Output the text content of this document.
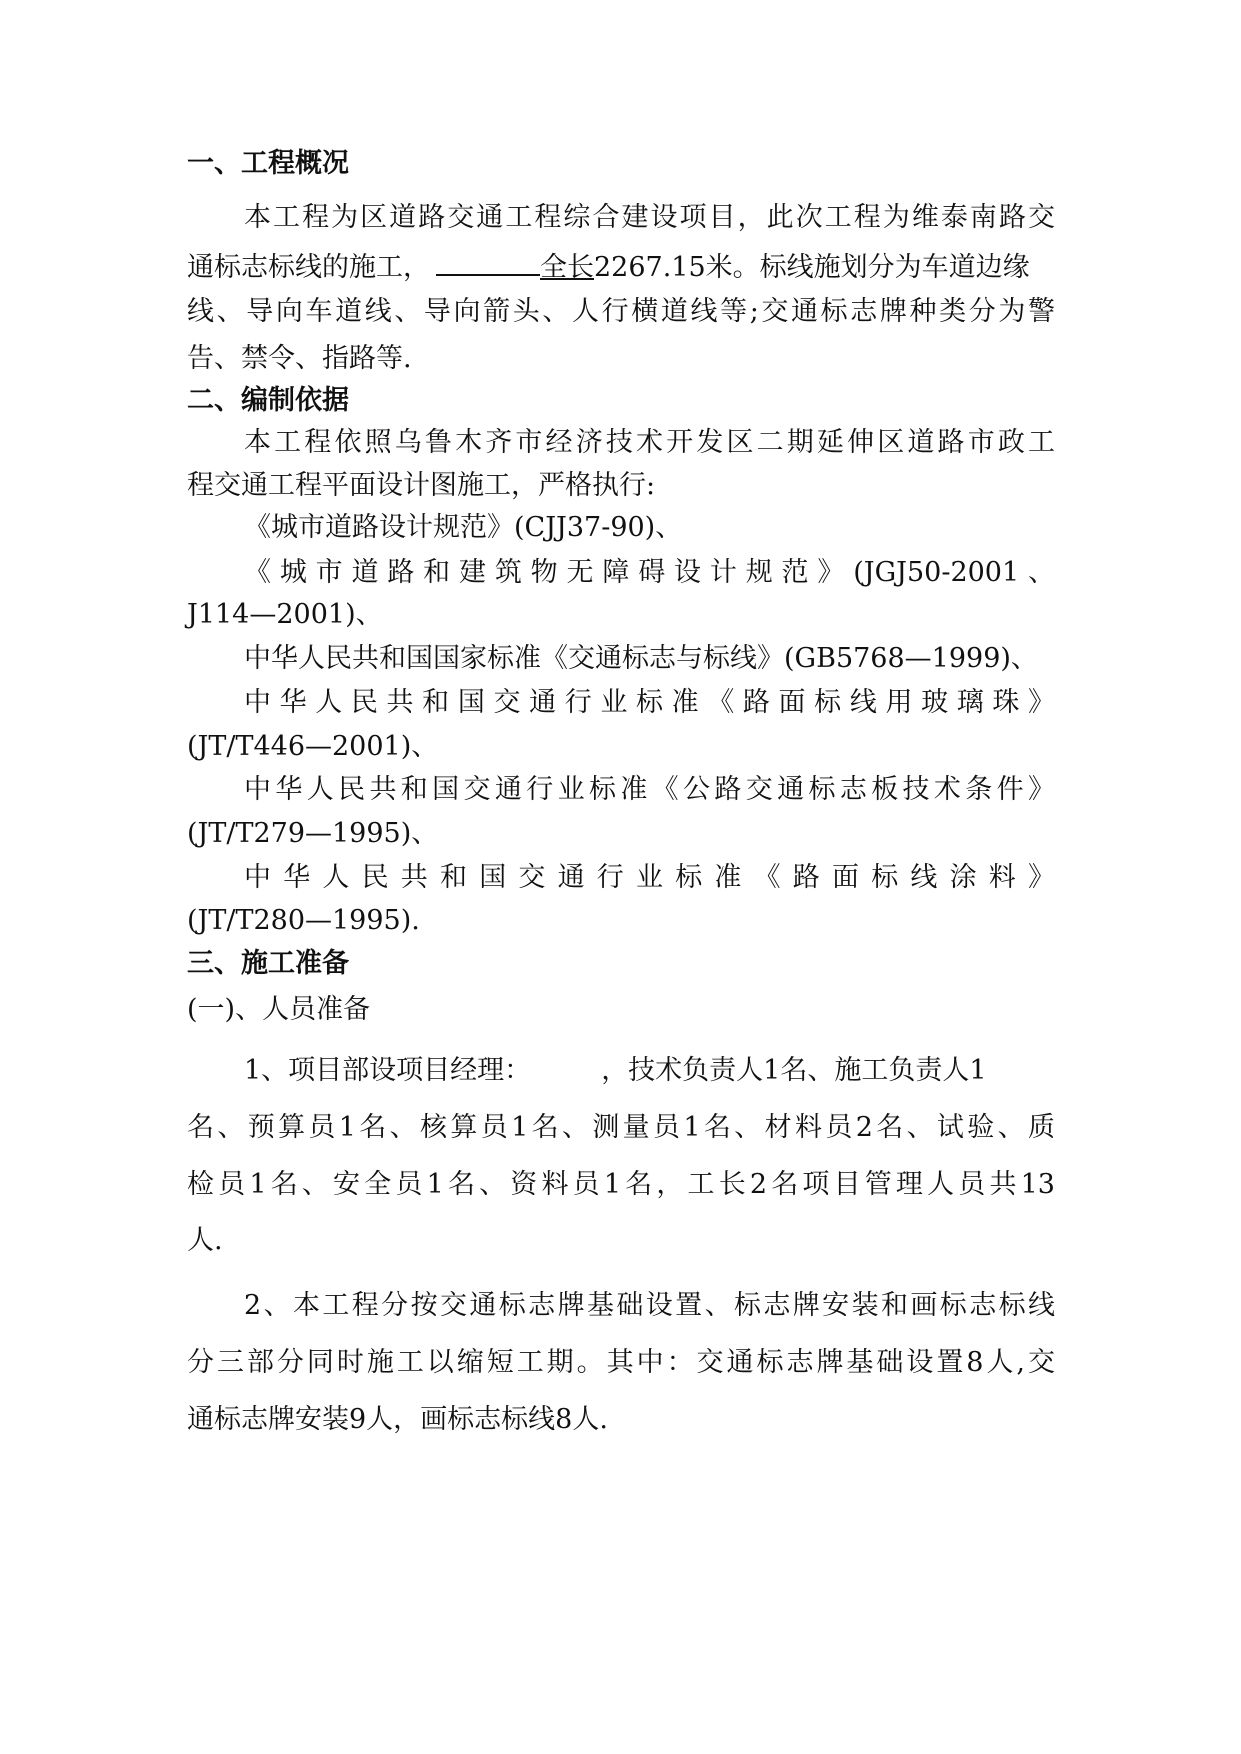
一、工程概况
本工程为区道路交通工程综合建设项目，此次工程为维泰南路交
通标志标线的施工，	全长2267.15米。标线施划分为车道边缘
线、导向车道线、导向箭头、人行横道线等;交通标志牌种类分为警
告、禁令、指路等.
二、编制依据
本工程依照乌鲁木齐市经济技术开发区二期延伸区道路市政工
程交通工程平面设计图施工，严格执行:
《城市道路设计规范》(CJJ37-90)、
《城市道路和建筑物无障碍设计规范》(JGJ50-2001、
J114—2001)、
中华人民共和国国家标准《交通标志与标线》(GB5768—1999)、
中华人民共和国交通行业标准《路面标线用玻璃珠》
(JT/T446—2001)、
中华人民共和国交通行业标准《公路交通标志板技术条件》
(JT/T279—1995)、
中华人民共和国交通行业标准《路面标线涂料》
(JT/T280—1995).
三、施工准备
(一)、人员准备
1、项目部设项目经理：	，技术负责人1名、施工负责人1
名、预算员1名、核算员1名、测量员1名、材料员2名、试验、质
检员1名、安全员1名、资料员1名，工长2名项目管理人员共13
人.
2、本工程分按交通标志牌基础设置、标志牌安装和画标志标线
分三部分同时施工以缩短工期。其中：交通标志牌基础设置8人,交
通标志牌安装9人，画标志标线8人.
